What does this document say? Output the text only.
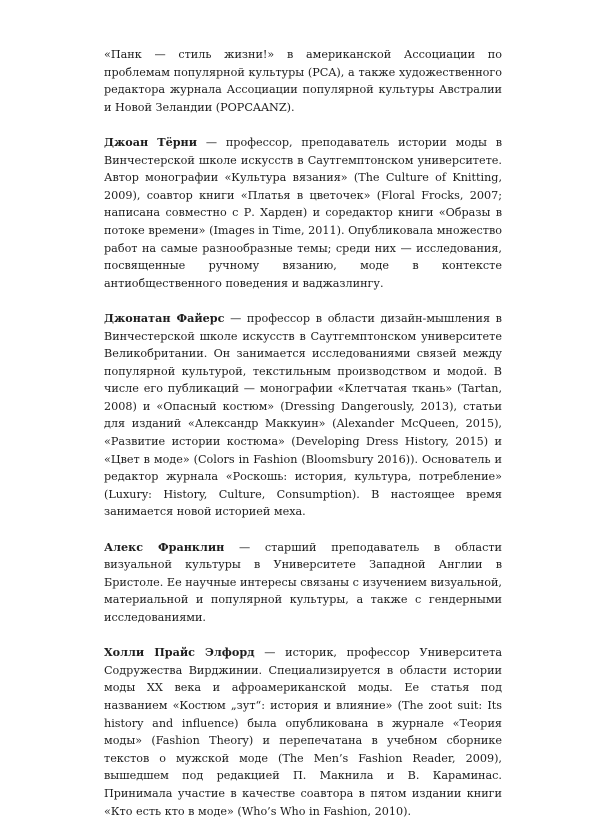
«Панк — стиль жизни!» в американской Ассоциации по проблемам популярной культуры (PCA), а также художественного редактора журнала Ассоциации популярной культуры Австралии и Новой Зеландии (POPCAANZ).

Джоан Тёрни — профессор, преподаватель истории моды в Винчестерской школе искусств в Саутгемптонском университете. Автор монографии «Культура вязания» (The Culture of Knitting, 2009), соавтор книги «Платья в цветочек» (Floral Frocks, 2007; написана совместно с Р. Харден) и соредактор книги «Образы в потоке времени» (Images in Time, 2011). Опубликовала множество работ на самые разнообразные темы; среди них — исследования, посвященные ручному вязанию, моде в контексте антиобщественного поведения и ваджазлингу.

Джонатан Файерс — профессор в области дизайн-мышления в Винчестерской школе искусств в Саутгемптонском университете Великобритании. Он занимается исследованиями связей между популярной культурой, текстильным производством и модой. В числе его публикаций — монографии «Клетчатая ткань» (Tartan, 2008) и «Опасный костюм» (Dressing Dangerously, 2013), статьи для изданий «Александр Маккуин» (Alexander McQueen, 2015), «Развитие истории костюма» (Developing Dress History, 2015) и «Цвет в моде» (Colors in Fashion (Bloomsbury 2016)). Основатель и редактор журнала «Роскошь: история, культура, потребление» (Luxury: History, Culture, Consumption). В настоящее время занимается новой историей меха.

Алекс Франклин — старший преподаватель в области визуальной культуры в Университете Западной Англии в Бристоле. Ее научные интересы связаны с изучением визуальной, материальной и популярной культуры, а также с гендерными исследованиями.

Холли Прайс Элфорд — историк, профессор Университета Содружества Вирджинии. Специализируется в области истории моды XX века и афроамериканской моды. Ее статья под названием «Костюм „зут“: история и влияние» (The zoot suit: Its history and influence) была опубликована в журнале «Теория моды» (Fashion Theory) и перепечатана в учебном сборнике текстов о мужской моде (The Men’s Fashion Reader, 2009), вышедшем под редакцией П. Макнила и В. Караминас. Принимала участие в качестве соавтора в пятом издании книги «Кто есть кто в моде» (Who’s Who in Fashion, 2010).
